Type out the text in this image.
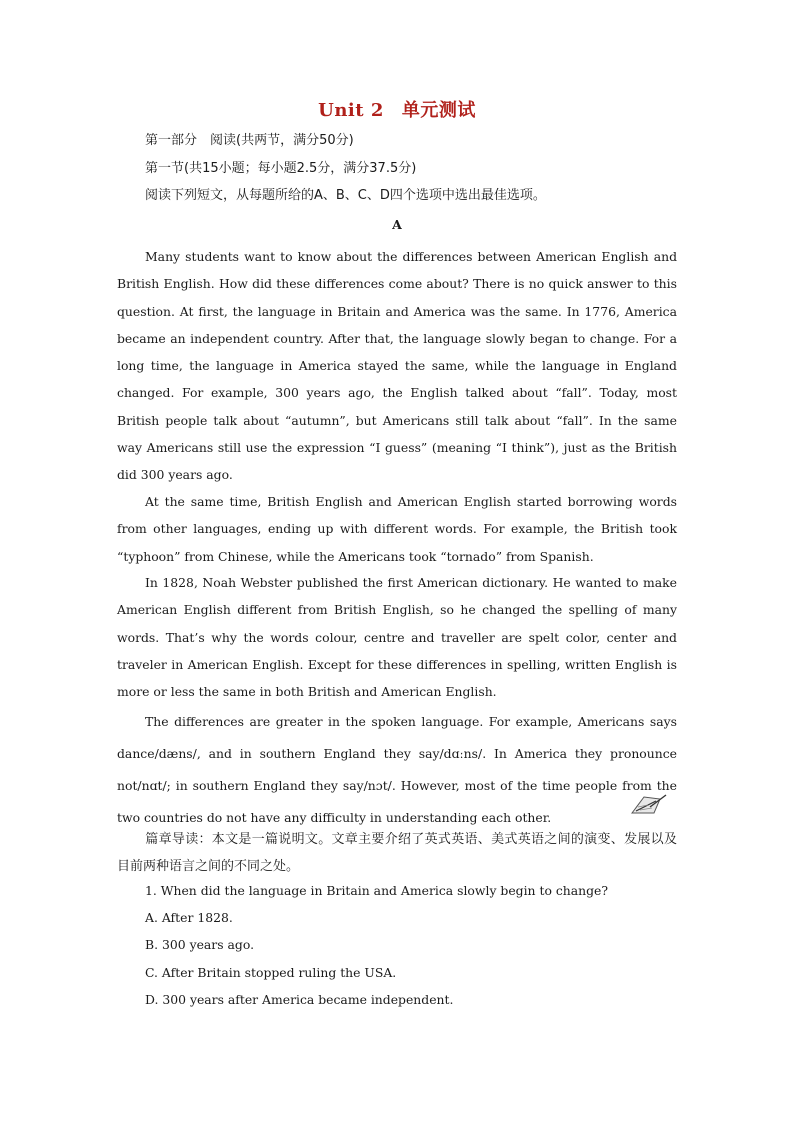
Unit 2 单元测试
第一部分　阅读(共两节，满分50分)
第一节(共15小题；每小题2.5分，满分37.5分)
阅读下列短文，从每题所给的A、B、C、D四个选项中选出最佳选项。
A
Many students want to know about the differences between American English and British English. How did these differences come about? There is no quick answer to this question. At first, the language in Britain and America was the same. In 1776, America became an independent country. After that, the language slowly began to change. For a long time, the language in America stayed the same, while the language in England changed. For example, 300 years ago, the English talked about “fall”. Today, most British people talk about “autumn”, but Americans still talk about “fall”. In the same way Americans still use the expression “I guess” (meaning “I think”), just as the British did 300 years ago.
At the same time, British English and American English started borrowing words from other languages, ending up with different words. For example, the British took “typhoon” from Chinese, while the Americans took “tornado” from Spanish.
In 1828, Noah Webster published the first American dictionary. He wanted to make American English different from British English, so he changed the spelling of many words. That’s why the words colour, centre and traveller are spelt color, center and traveler in American English. Except for these differences in spelling, written English is more or less the same in both British and American English.
The differences are greater in the spoken language. For example, Americans says dance/dæns/, and in southern England they say/dɑːns/. In America they pronounce not/nɑt/; in southern England they say/nɔt/. However, most of the time people from the two countries do not have any difficulty in understanding each other.
篇章导读：本文是一篇说明文。文章主要介绍了英式英语、美式英语之间的演变、发展以及目前两种语言之间的不同之处。
1. When did the language in Britain and America slowly begin to change?
A. After 1828.
B. 300 years ago.
C. After Britain stopped ruling the USA.
D. 300 years after America became independent.
